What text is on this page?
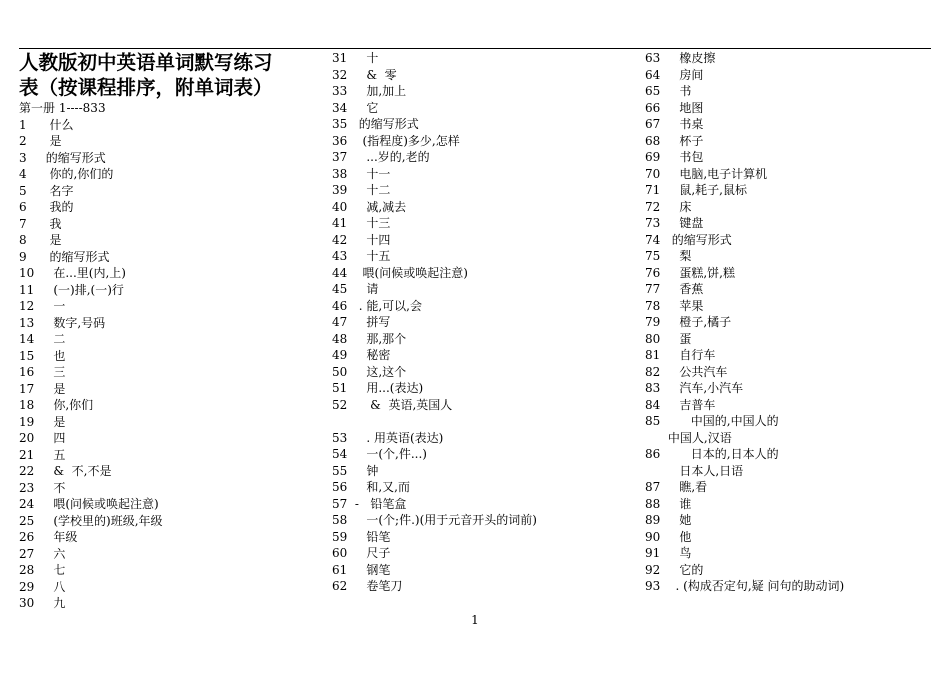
人教版初中英语单词默写练习
表（按课程排序，附单词表）
第一册 1----833
1      什么
2      是
3     的缩写形式
4      你的,你们的
5      名字
6      我的
7      我
8      是
9      的缩写形式
10     在...里(内,上)
11     (一)排,(一)行
12     一
13     数字,号码
14     二
15     也
16     三
17     是
18     你,你们
19     是
20     四
21     五
22     &  不,不是
23     不
24     喂(问候或唤起注意)
25     (学校里的)班级,年级
26     年级
27     六
28     七
29     八
30     九
31     十
32     &  零
33     加,加上
34     它
35   的缩写形式
36    (指程度)多少,怎样
37     ...岁的,老的
38     十一
39     十二
40     减,减去
41     十三
42     十四
43     十五
44    喂(问候或唤起注意)
45     请
46   . 能,可以,会
47     拼写
48     那,那个
49     秘密
50     这,这个
51     用...(表达)
52      &  英语,英国人
53     . 用英语(表达)
54     一(个,件...)
55     钟
56     和,又,而
57  -   铅笔盒
58     一(个;件.)(用于元音开头的词前)
59     铅笔
60     尺子
61     钢笔
62     卷笔刀
63     橡皮擦
64     房间
65     书
66     地图
67     书桌
68     杯子
69     书包
70     电脑,电子计算机
71     鼠,耗子,鼠标
72     床
73     键盘
74   的缩写形式
75     梨
76     蛋糕,饼,糕
77     香蕉
78     苹果
79     橙子,橘子
80     蛋
81     自行车
82     公共汽车
83     汽车,小汽车
84     吉普车
85        中国的,中国人的
中国人,汉语
86        日本的,日本人的
日本人,日语
87     瞧,看
88     谁
89     她
90     他
91     鸟
92     它的
93    . (构成否定句,疑 问句的助动词)
1
